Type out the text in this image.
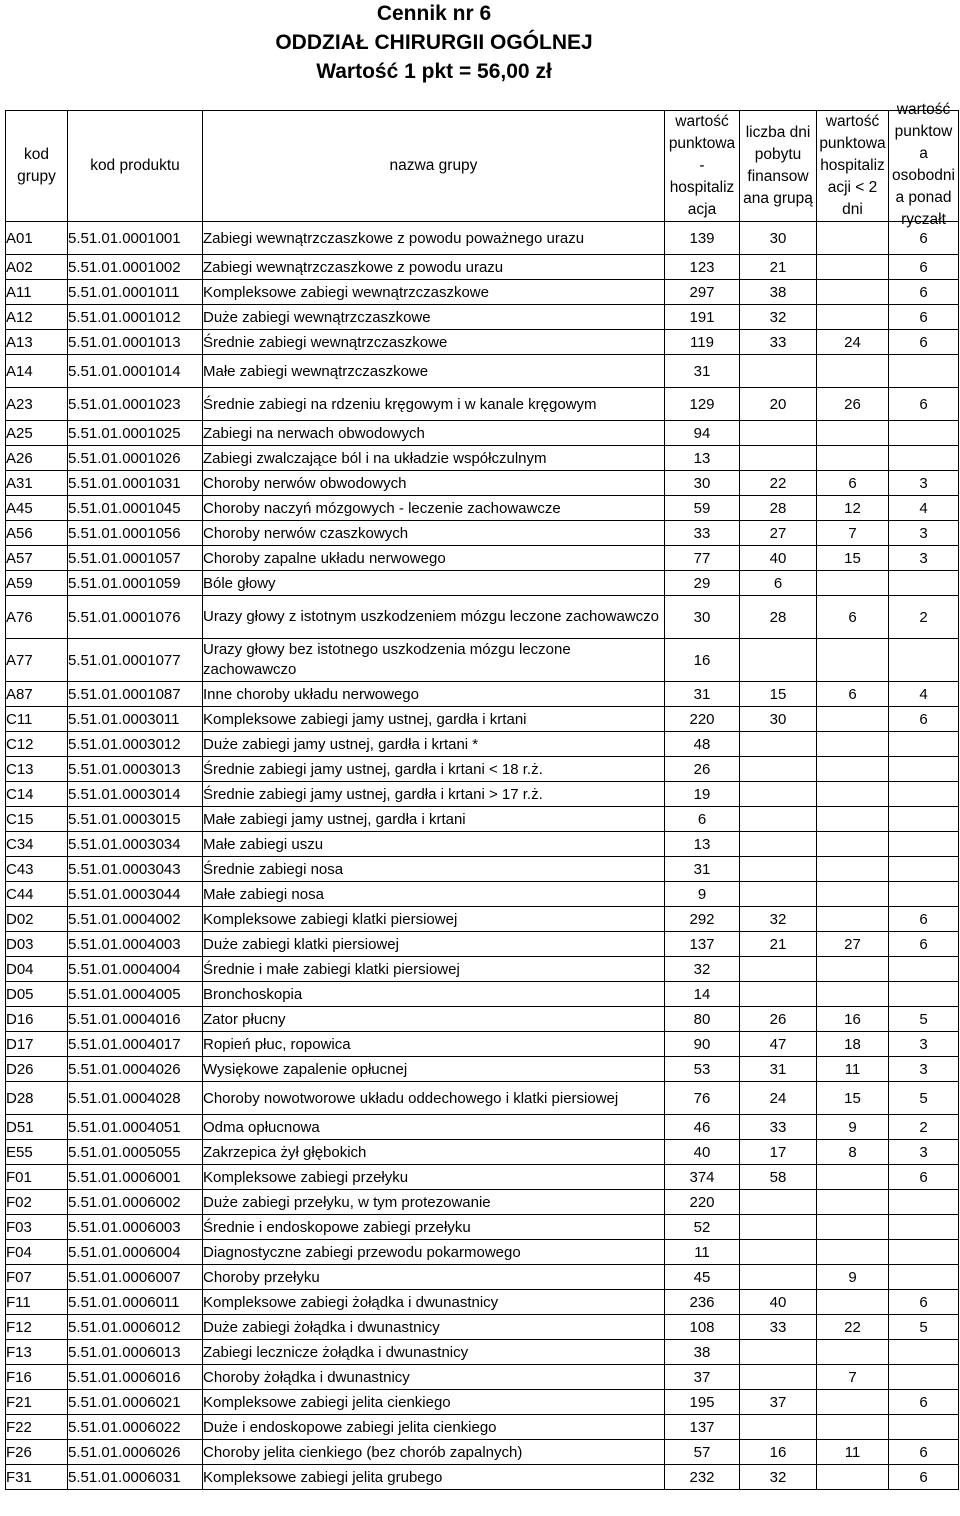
Cennik nr 6
ODDZIAŁ CHIRURGII OGÓLNEJ
Wartość 1 pkt = 56,00 zł
kod grupy	kod produktu	nazwa grupy	wartość punktowa - hospitaliz acja	liczba dni pobytu finansow ana grupą	wartość punktowa hospitaliz acji < 2 dni	wartość punktow a osobodni a ponad ryczałt

A01	5.51.01.0001001	Zabiegi wewnątrzczaszkowe z powodu poważnego urazu	139	30		6
A02	5.51.01.0001002	Zabiegi wewnątrzczaszkowe z powodu urazu	123	21		6
A11	5.51.01.0001011	Kompleksowe zabiegi wewnątrzczaszkowe	297	38		6
A12	5.51.01.0001012	Duże zabiegi wewnątrzczaszkowe	191	32		6
A13	5.51.01.0001013	Średnie zabiegi wewnątrzczaszkowe	119	33	24	6
A14	5.51.01.0001014	Małe zabiegi wewnątrzczaszkowe	31			
A23	5.51.01.0001023	Średnie zabiegi na rdzeniu kręgowym i w kanale kręgowym	129	20	26	6
A25	5.51.01.0001025	Zabiegi na nerwach obwodowych	94			
A26	5.51.01.0001026	Zabiegi zwalczające ból i na układzie współczulnym	13			
A31	5.51.01.0001031	Choroby nerwów obwodowych	30	22	6	3
A45	5.51.01.0001045	Choroby naczyń mózgowych - leczenie zachowawcze	59	28	12	4
A56	5.51.01.0001056	Choroby nerwów czaszkowych	33	27	7	3
A57	5.51.01.0001057	Choroby zapalne układu nerwowego	77	40	15	3
A59	5.51.01.0001059	Bóle głowy	29	6		
A76	5.51.01.0001076	Urazy głowy z istotnym uszkodzeniem mózgu leczone zachowawczo	30	28	6	2
A77	5.51.01.0001077	Urazy głowy bez istotnego uszkodzenia mózgu leczone zachowawczo	16			
A87	5.51.01.0001087	Inne choroby układu nerwowego	31	15	6	4
C11	5.51.01.0003011	Kompleksowe zabiegi jamy ustnej, gardła i krtani	220	30		6
C12	5.51.01.0003012	Duże zabiegi jamy ustnej, gardła i krtani *	48			
C13	5.51.01.0003013	Średnie zabiegi jamy ustnej, gardła i krtani < 18 r.ż.	26			
C14	5.51.01.0003014	Średnie zabiegi jamy ustnej, gardła i krtani > 17 r.ż.	19			
C15	5.51.01.0003015	Małe zabiegi jamy ustnej, gardła i krtani	6			
C34	5.51.01.0003034	Małe zabiegi uszu	13			
C43	5.51.01.0003043	Średnie zabiegi nosa	31			
C44	5.51.01.0003044	Małe zabiegi nosa	9			
D02	5.51.01.0004002	Kompleksowe zabiegi klatki piersiowej	292	32		6
D03	5.51.01.0004003	Duże zabiegi klatki piersiowej	137	21	27	6
D04	5.51.01.0004004	Średnie i małe zabiegi klatki piersiowej	32			
D05	5.51.01.0004005	Bronchoskopia	14			
D16	5.51.01.0004016	Zator płucny	80	26	16	5
D17	5.51.01.0004017	Ropień płuc, ropowica	90	47	18	3
D26	5.51.01.0004026	Wysiękowe zapalenie opłucnej	53	31	11	3
D28	5.51.01.0004028	Choroby nowotworowe układu oddechowego i klatki piersiowej	76	24	15	5
D51	5.51.01.0004051	Odma opłucnowa	46	33	9	2
E55	5.51.01.0005055	Zakrzepica żył głębokich	40	17	8	3
F01	5.51.01.0006001	Kompleksowe zabiegi przełyku	374	58		6
F02	5.51.01.0006002	Duże zabiegi przełyku, w tym protezowanie	220			
F03	5.51.01.0006003	Średnie i endoskopowe zabiegi przełyku	52			
F04	5.51.01.0006004	Diagnostyczne zabiegi przewodu pokarmowego	11			
F07	5.51.01.0006007	Choroby przełyku	45		9	
F11	5.51.01.0006011	Kompleksowe zabiegi żołądka i dwunastnicy	236	40		6
F12	5.51.01.0006012	Duże zabiegi żołądka i dwunastnicy	108	33	22	5
F13	5.51.01.0006013	Zabiegi lecznicze żołądka i dwunastnicy	38			
F16	5.51.01.0006016	Choroby żołądka i dwunastnicy	37		7	
F21	5.51.01.0006021	Kompleksowe zabiegi jelita cienkiego	195	37		6
F22	5.51.01.0006022	Duże i endoskopowe zabiegi jelita cienkiego	137			
F26	5.51.01.0006026	Choroby jelita cienkiego (bez chorób zapalnych)	57	16	11	6
F31	5.51.01.0006031	Kompleksowe zabiegi jelita grubego	232	32		6
